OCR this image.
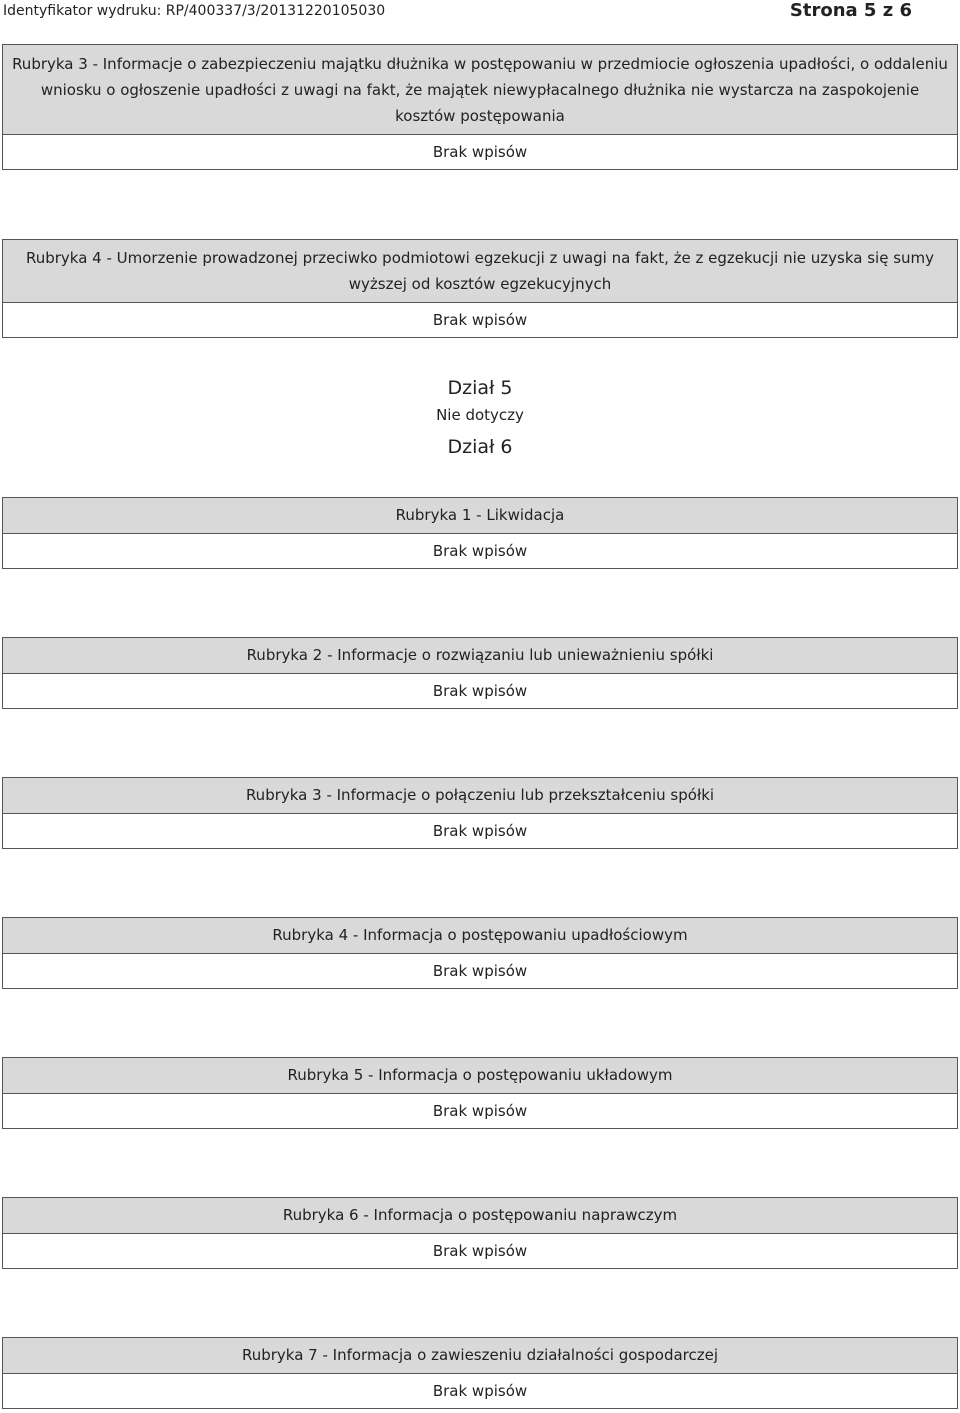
Identyfikator wydruku: RP/400337/3/20131220105030	Strona 5 z 6
Rubryka 3 - Informacje o zabezpieczeniu majątku dłużnika w postępowaniu w przedmiocie ogłoszenia upadłości, o oddaleniu wniosku o ogłoszenie upadłości z uwagi na fakt, że majątek niewypłacalnego dłużnika nie wystarcza na zaspokojenie kosztów postępowania
Brak wpisów
Rubryka 4 - Umorzenie prowadzonej przeciwko podmiotowi egzekucji z uwagi na fakt, że z egzekucji nie uzyska się sumy wyższej od kosztów egzekucyjnych
Brak wpisów
Dział 5
Nie dotyczy
Dział 6
Rubryka 1 - Likwidacja
Brak wpisów
Rubryka 2 - Informacje o rozwiązaniu lub unieważnieniu spółki
Brak wpisów
Rubryka 3 - Informacje o połączeniu lub przekształceniu spółki
Brak wpisów
Rubryka 4 - Informacja o postępowaniu upadłościowym
Brak wpisów
Rubryka 5 - Informacja o postępowaniu układowym
Brak wpisów
Rubryka 6 - Informacja o postępowaniu naprawczym
Brak wpisów
Rubryka 7 - Informacja o zawieszeniu działalności gospodarczej
Brak wpisów
